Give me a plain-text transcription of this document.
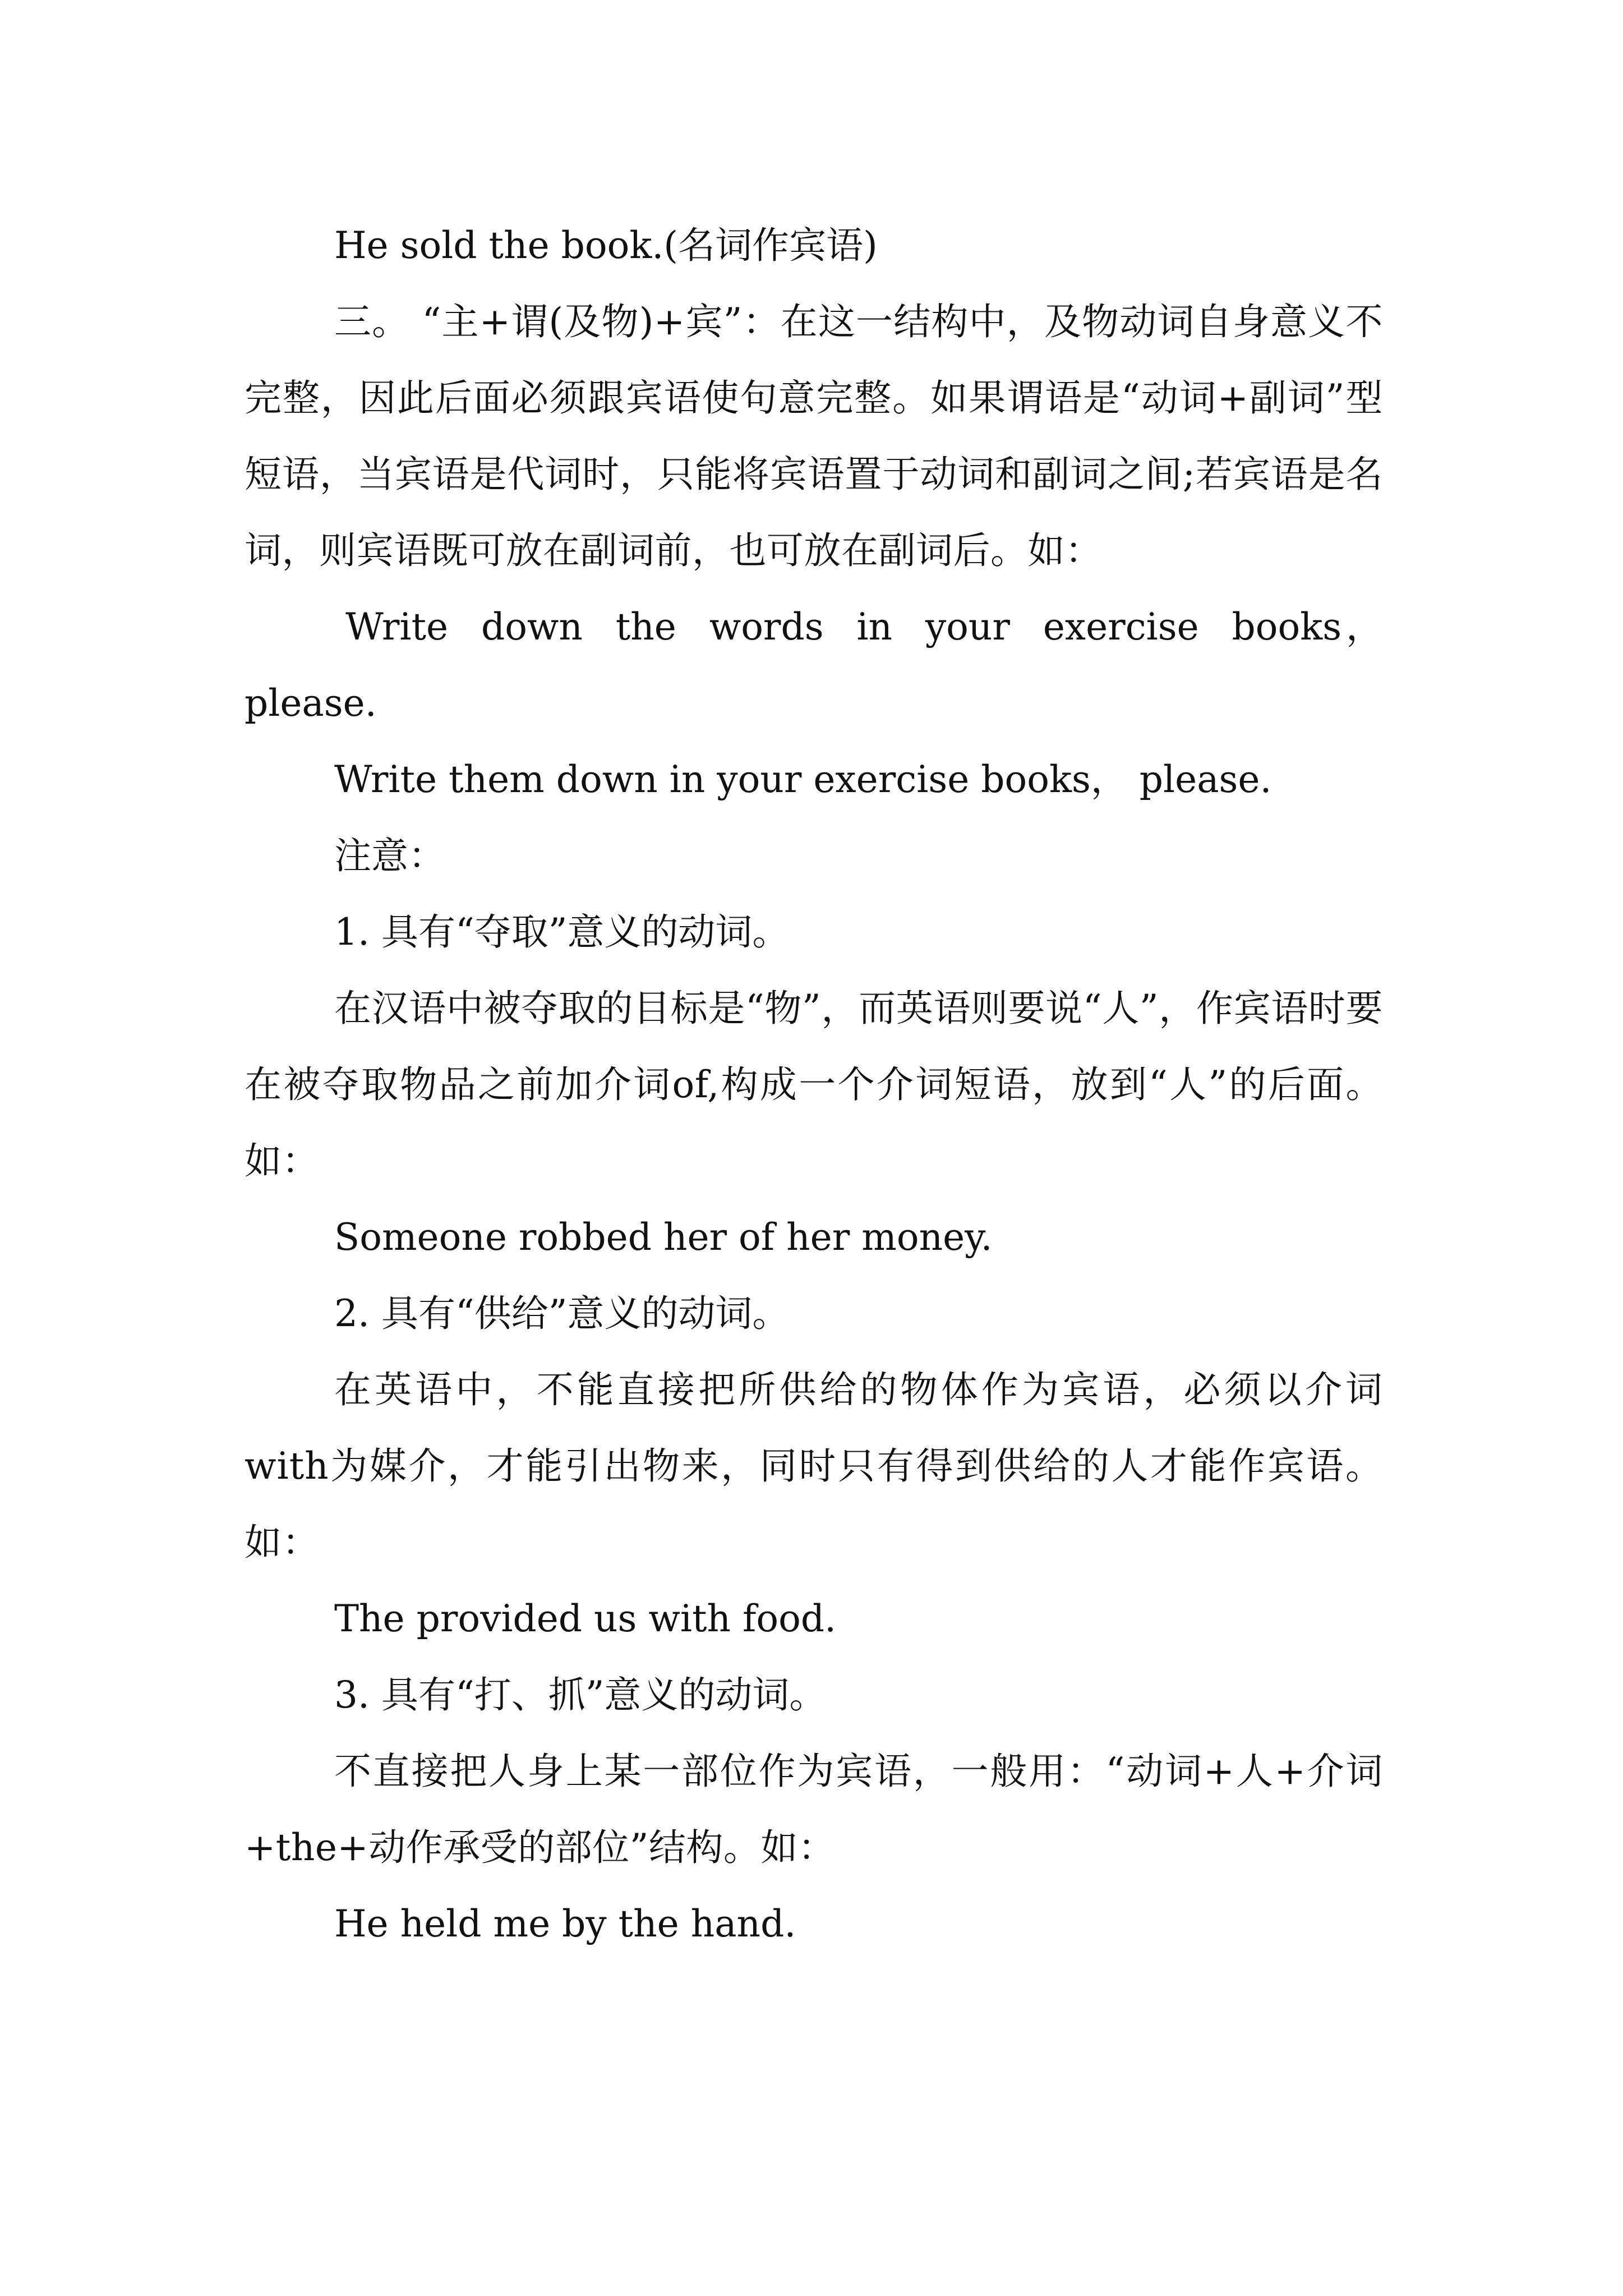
He sold the book.(名词作宾语)
三。 “主+谓(及物)+宾”：在这一结构中，及物动词自身意义不完整，因此后面必须跟宾语使句意完整。如果谓语是“动词+副词”型短语，当宾语是代词时，只能将宾语置于动词和副词之间;若宾语是名词，则宾语既可放在副词前，也可放在副词后。如：
Write down the words in your exercise books，please.
Write them down in your exercise books， please.
注意：
1. 具有“夺取”意义的动词。
在汉语中被夺取的目标是“物”，而英语则要说“人”，作宾语时要在被夺取物品之前加介词of,构成一个介词短语，放到“人”的后面。如：
Someone robbed her of her money.
2. 具有“供给”意义的动词。
在英语中，不能直接把所供给的物体作为宾语，必须以介词with为媒介，才能引出物来，同时只有得到供给的人才能作宾语。如：
The provided us with food.
3. 具有“打、抓”意义的动词。
不直接把人身上某一部位作为宾语，一般用：“动词+人+介词+the+动作承受的部位”结构。如：
He held me by the hand.
